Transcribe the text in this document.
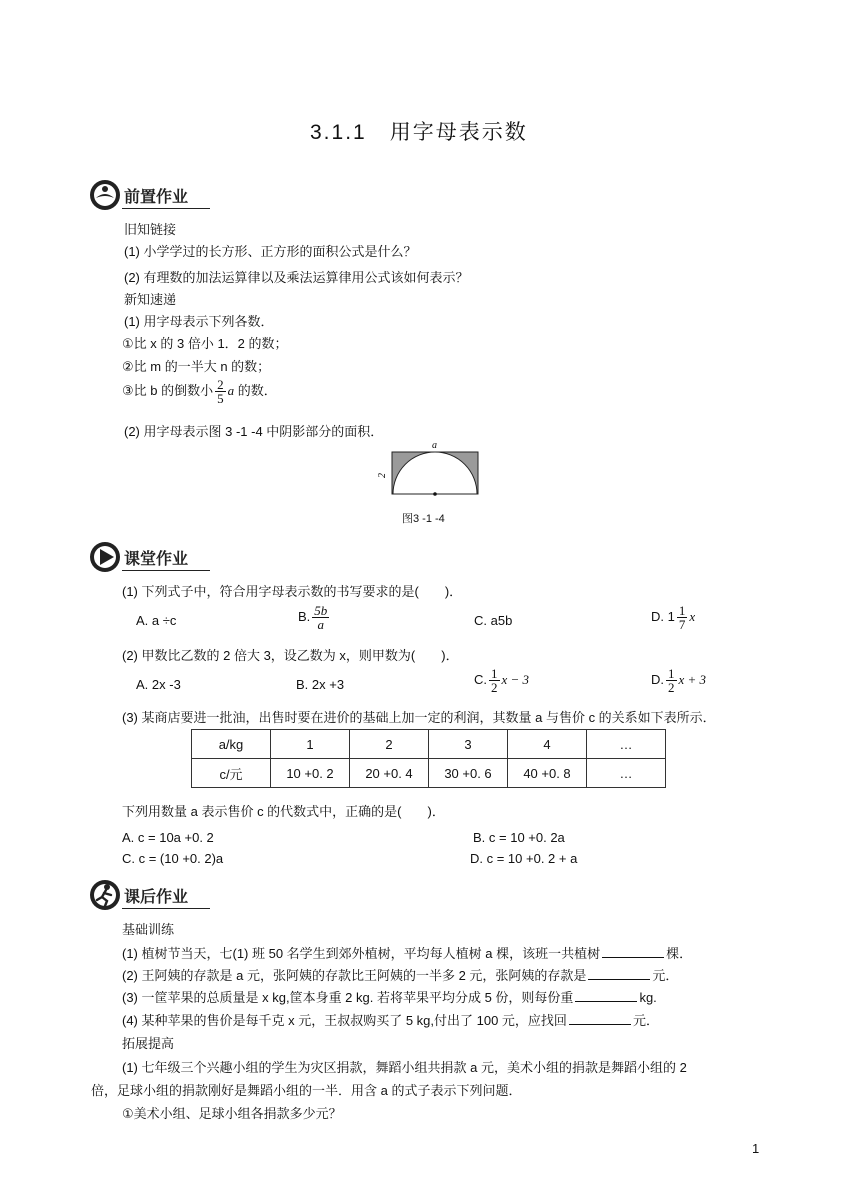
3.1.1　用字母表示数
前置作业
旧知链接
(1) 小学学过的长方形、正方形的面积公式是什么？
(2) 有理数的加法运算律以及乘法运算律用公式该如何表示？
新知速递
(1) 用字母表示下列各数．
①比 x 的 3 倍小 1．2 的数；
②比 m 的一半大 n 的数；
③比 b 的倒数小 $\frac{2}{5}$ a 的数．
(2) 用字母表示图 3 -1 -4 中阴影部分的面积．
a
2
图3 -1 -4
课堂作业
(1) 下列式子中，符合用字母表示数的书写要求的是(　　)．
A. a ÷c	B. $\frac{5b}{a}$	C. a5b	D. $1 \frac{1}{7}$ x
(2) 甲数比乙数的 2 倍大 3，设乙数为 x，则甲数为(　　)．
A. 2x -3	B. 2x +3	C. $\frac{1}{2}$ x − 3	D. $\frac{1}{2}$ x + 3
(3) 某商店要进一批油，出售时要在进价的基础上加一定的利润，其数量 a 与售价 c 的关系如下表所示．
a/kg	1	2	3	4	…
c/元	10 +0. 2	20 +0. 4	30 +0. 6	40 +0. 8	…
下列用数量 a 表示售价 c 的代数式中，正确的是(　　)．
A. c = 10a +0. 2	B. c = 10 +0. 2a
C. c = (10 +0. 2)a	D. c = 10 +0. 2 + a
课后作业
基础训练
(1) 植树节当天，七(1) 班 50 名学生到郊外植树，平均每人植树 a 棵，该班一共植树	棵．
(2) 王阿姨的存款是 a 元，张阿姨的存款比王阿姨的一半多 2 元，张阿姨的存款是	元．
(3) 一筐苹果的总质量是 x kg,筐本身重 2 kg. 若将苹果平均分成 5 份，则每份重	kg.
(4) 某种苹果的售价是每千克 x 元，王叔叔购买了 5 kg,付出了 100 元，应找回	元．
拓展提高
(1) 七年级三个兴趣小组的学生为灾区捐款，舞蹈小组共捐款 a 元，美术小组的捐款是舞蹈小组的 2
倍，足球小组的捐款刚好是舞蹈小组的一半．用含 a 的式子表示下列问题．
①美术小组、足球小组各捐款多少元？
1
